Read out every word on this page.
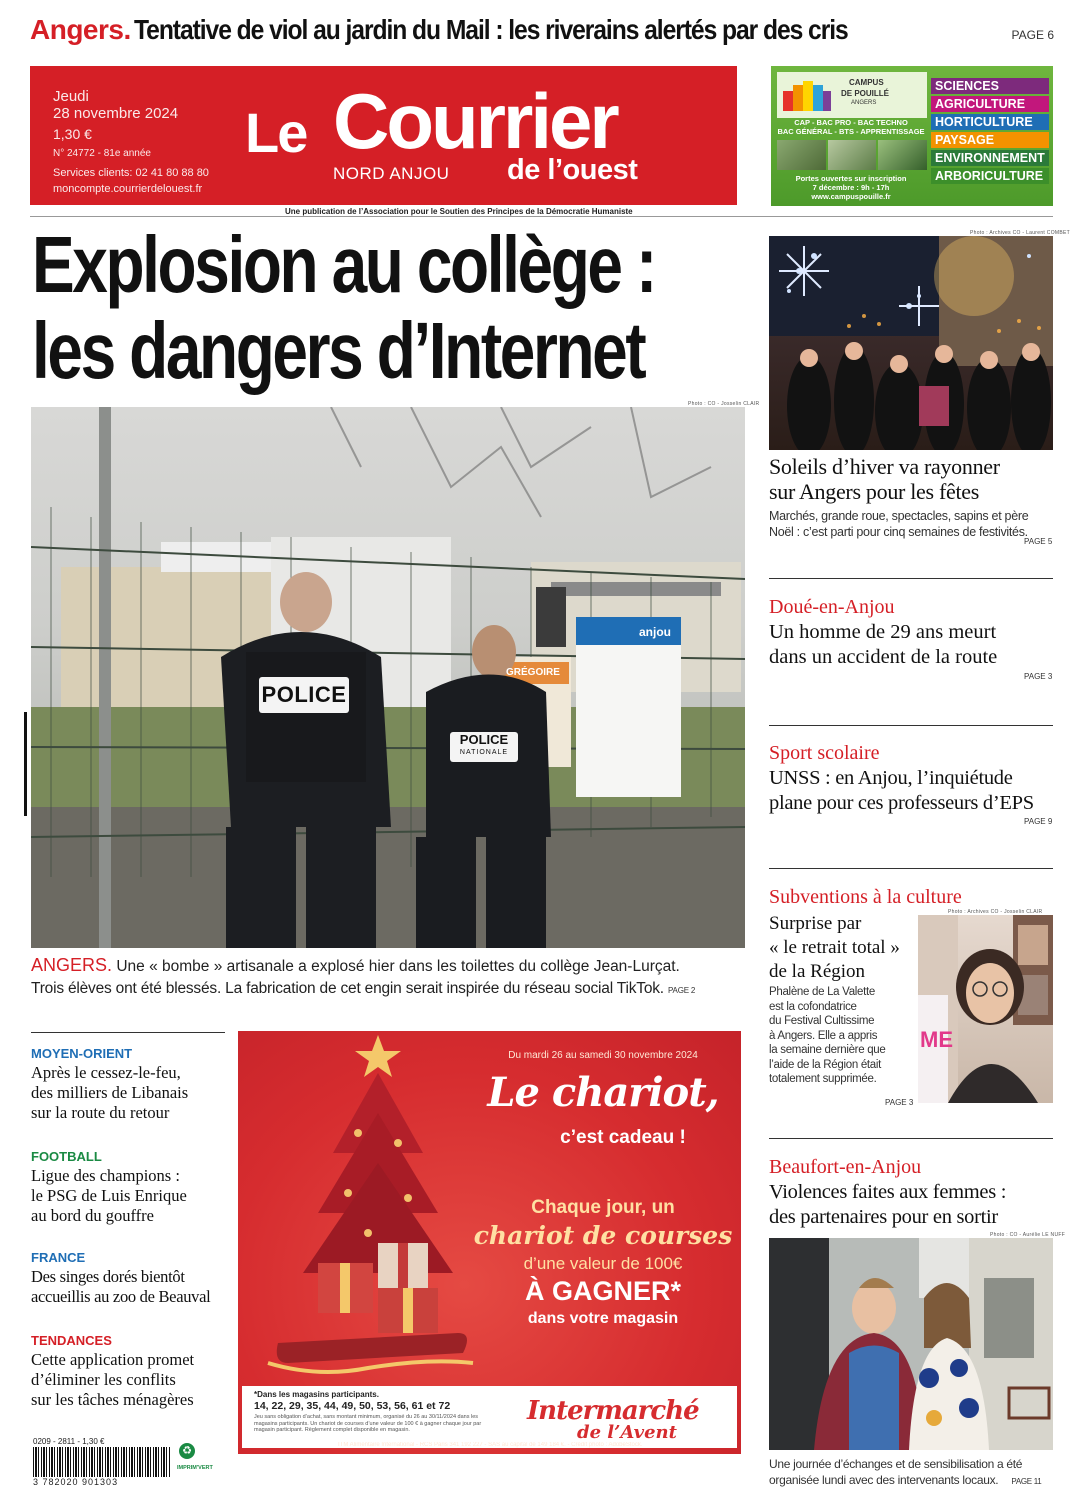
Angers. Tentative de viol au jardin du Mail : les riverains alertés par des cris	PAGE 6
Jeudi
28 novembre 2024
1,30 €
N° 24772 - 81e année
Services clients: 02 41 80 88 80
moncompte.courrierdelouest.fr
Le Courrier
NORD ANJOU de l’ouest
Une publication de l’Association pour le Soutien des Principes de la Démocratie Humaniste
CAMPUS
DE POUILLÉ
ANGERS
CAP - BAC PRO - BAC TECHNO
BAC GÉNÉRAL - BTS - APPRENTISSAGE
Portes ouvertes sur inscription
7 décembre : 9h - 17h
www.campuspouille.fr
SCIENCES
AGRICULTURE
HORTICULTURE
PAYSAGE
ENVIRONNEMENT
ARBORICULTURE
Explosion au collège :
les dangers d’Internet
Photo : CO - Josselin CLAIR
POLICE
POLICE
NATIONALE
GRÉGOIRE
anjou
ANGERS. Une « bombe » artisanale a explosé hier dans les toilettes du collège Jean-Lurçat.
Trois élèves ont été blessés. La fabrication de cet engin serait inspirée du réseau social TikTok. PAGE 2
Photo : Archives CO - Laurent COMBET
Soleils d’hiver va rayonner
sur Angers pour les fêtes
Marchés, grande roue, spectacles, sapins et père
Noël : c’est parti pour cinq semaines de festivités.
PAGE 5
Doué-en-Anjou
Un homme de 29 ans meurt
dans un accident de la route
PAGE 3
Sport scolaire
UNSS : en Anjou, l’inquiétude
plane pour ces professeurs d’EPS
PAGE 9
Subventions à la culture
Photo : Archives CO - Josselin CLAIR
ME
Surprise par
« le retrait total »
de la Région
Phalène de La Valette
est la cofondatrice
du Festival Cultissime
à Angers. Elle a appris
la semaine dernière que
l’aide de la Région était
totalement supprimée.
PAGE 3
Beaufort-en-Anjou
Violences faites aux femmes :
des partenaires pour en sortir
Photo : CO - Aurélie LE NUFF
Une journée d’échanges et de sensibilisation a été
organisée lundi avec des intervenants locaux. PAGE 11
MOYEN-ORIENT
Après le cessez-le-feu,
des milliers de Libanais
sur la route du retour
FOOTBALL
Ligue des champions :
le PSG de Luis Enrique
au bord du gouffre
FRANCE
Des singes dorés bientôt
accueillis au zoo de Beauval
TENDANCES
Cette application promet
d’éliminer les conflits
sur les tâches ménagères
0209 - 2811 - 1,30 €
3 782020 901303
♻
IMPRIM'VERT
Du mardi 26 au samedi 30 novembre 2024
Le chariot,
c’est cadeau !
Chaque jour, un
chariot de courses
d’une valeur de 100€
À GAGNER*
dans votre magasin
*Dans les magasins participants.
14, 22, 29, 35, 44, 49, 50, 53, 56, 61 et 72
Jeu sans obligation d’achat, sans montant minimum, organisé du 26 au 30/11/2024 dans les magasins participants. Un chariot de courses d’une valeur de 100 € à gagner chaque jour par magasin participant. Règlement complet disponible en magasin.
Intermarché
de l’Avent
ITM Alimentaire International - RCS Paris 341 192 227 - SAS au capital de 149 184 €. - Crédit photo : AdobeStock.
